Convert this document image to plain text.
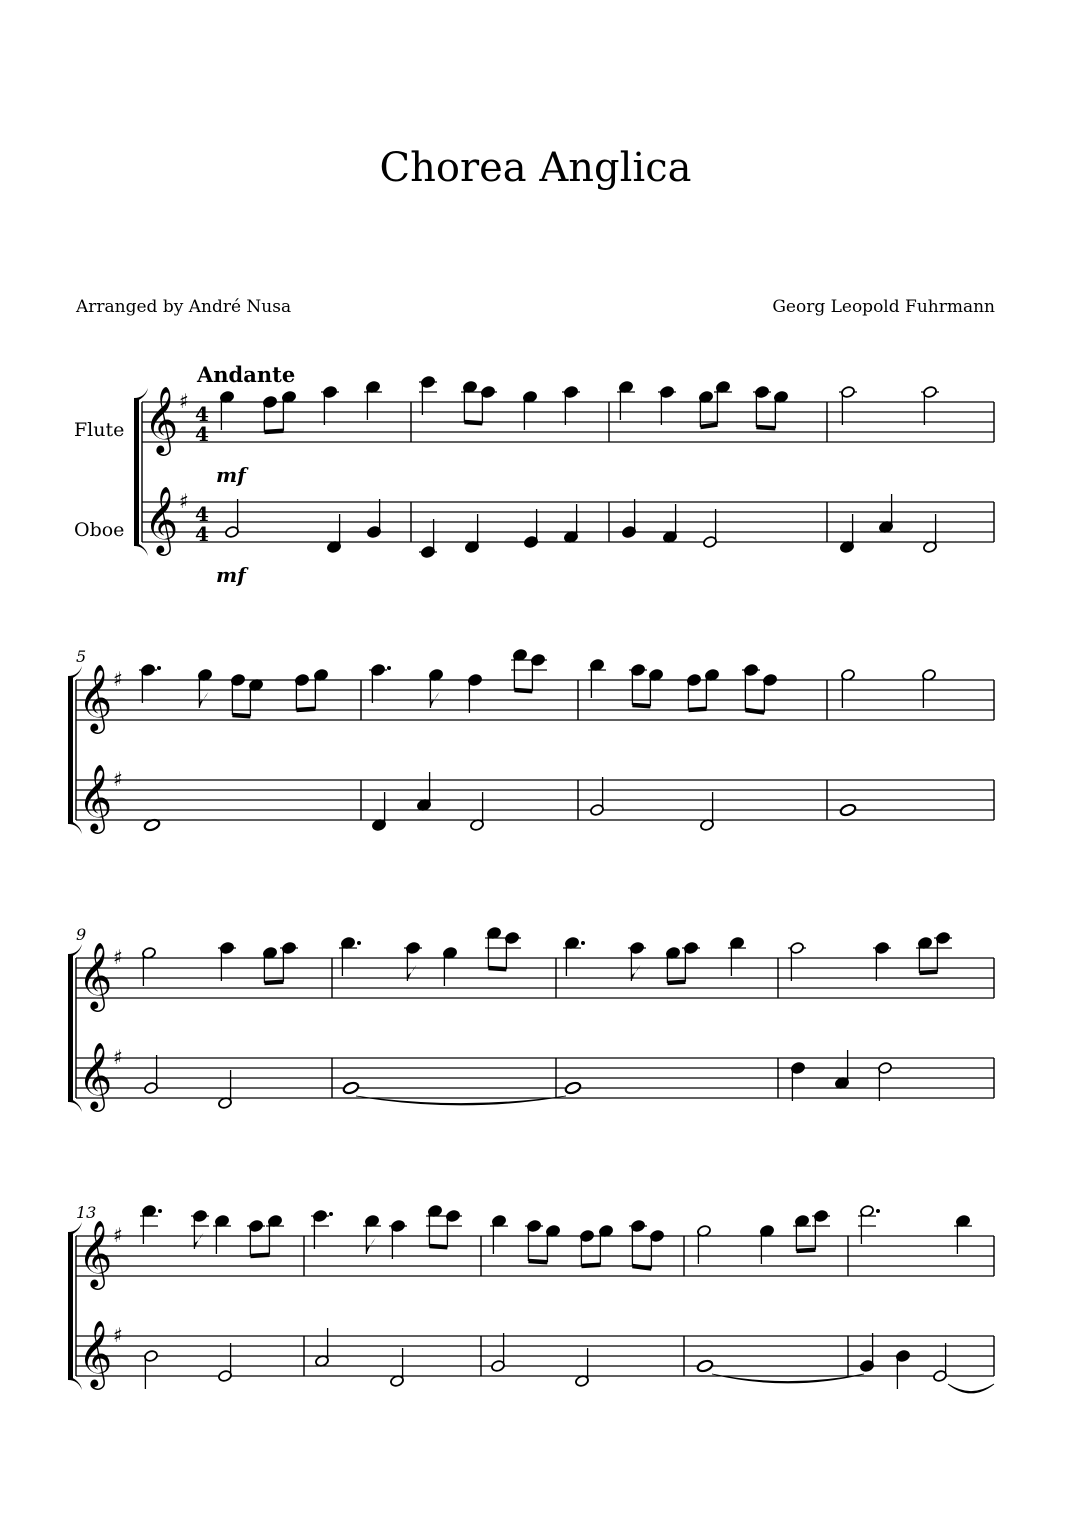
Chorea Anglica
Arranged by André Nusa	Georg Leopold Fuhrmann
Andante
Flute
Oboe
mf
mf
5
9
13
𝄞 ♯
4
4
𝄞 ♯
4
4
𝄞 ♯
𝄞 ♯
𝄞 ♯
𝄞 ♯
𝄞 ♯
𝄞 ♯
